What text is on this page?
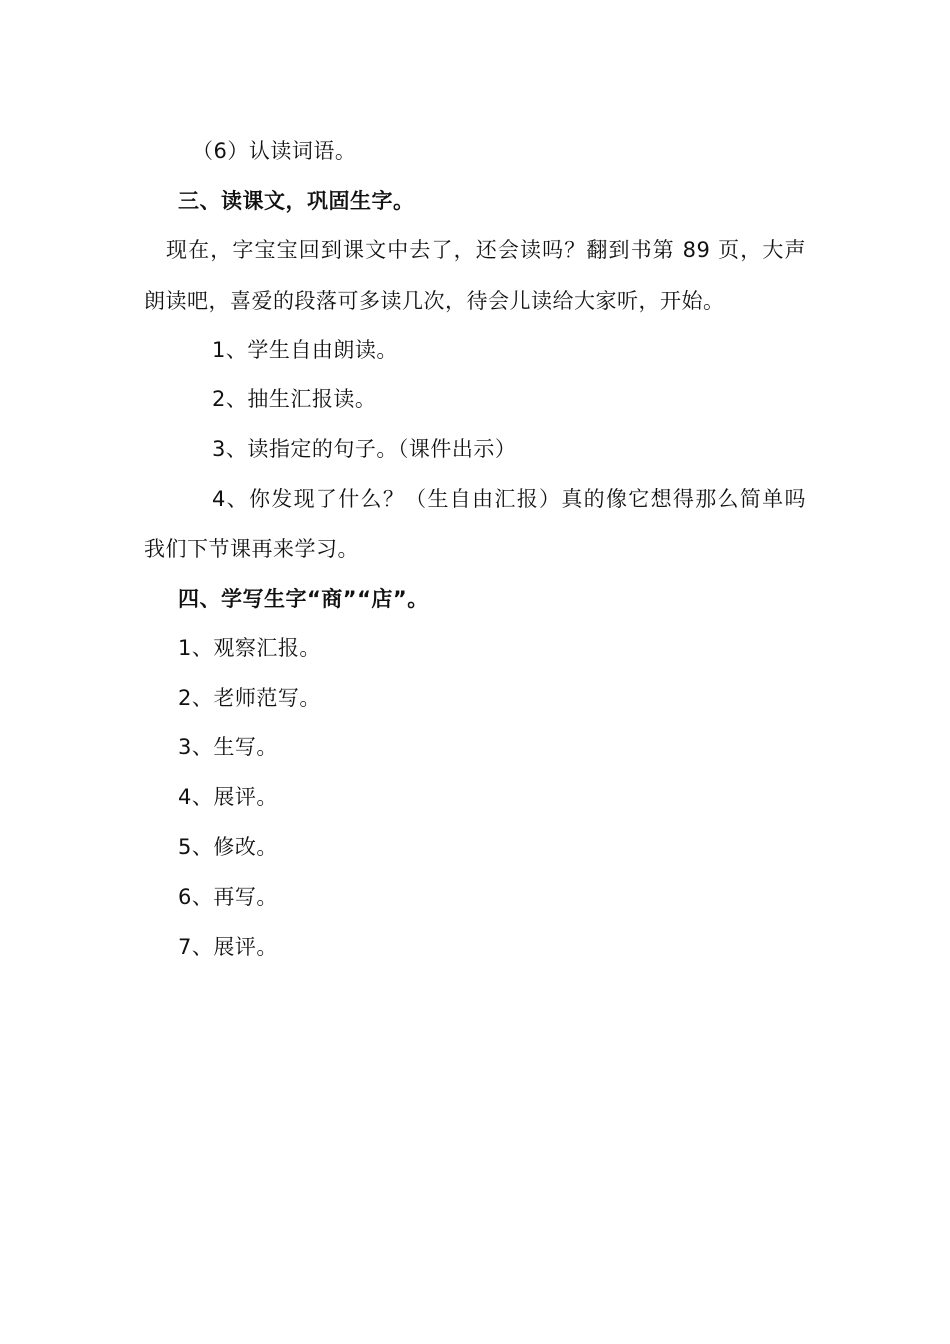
（6）认读词语。
三、读课文，巩固生字。
现在，字宝宝回到课文中去了，还会读吗？翻到书第 89 页，大声
朗读吧，喜爱的段落可多读几次，待会儿读给大家听，开始。
1、学生自由朗读。
2、抽生汇报读。
3、读指定的句子。（课件出示）
4、你发现了什么？（生自由汇报）真的像它想得那么简单吗
我们下节课再来学习。
四、学写生字“商”“店”。
1、观察汇报。
2、老师范写。
3、生写。
4、展评。
5、修改。
6、再写。
7、展评。
